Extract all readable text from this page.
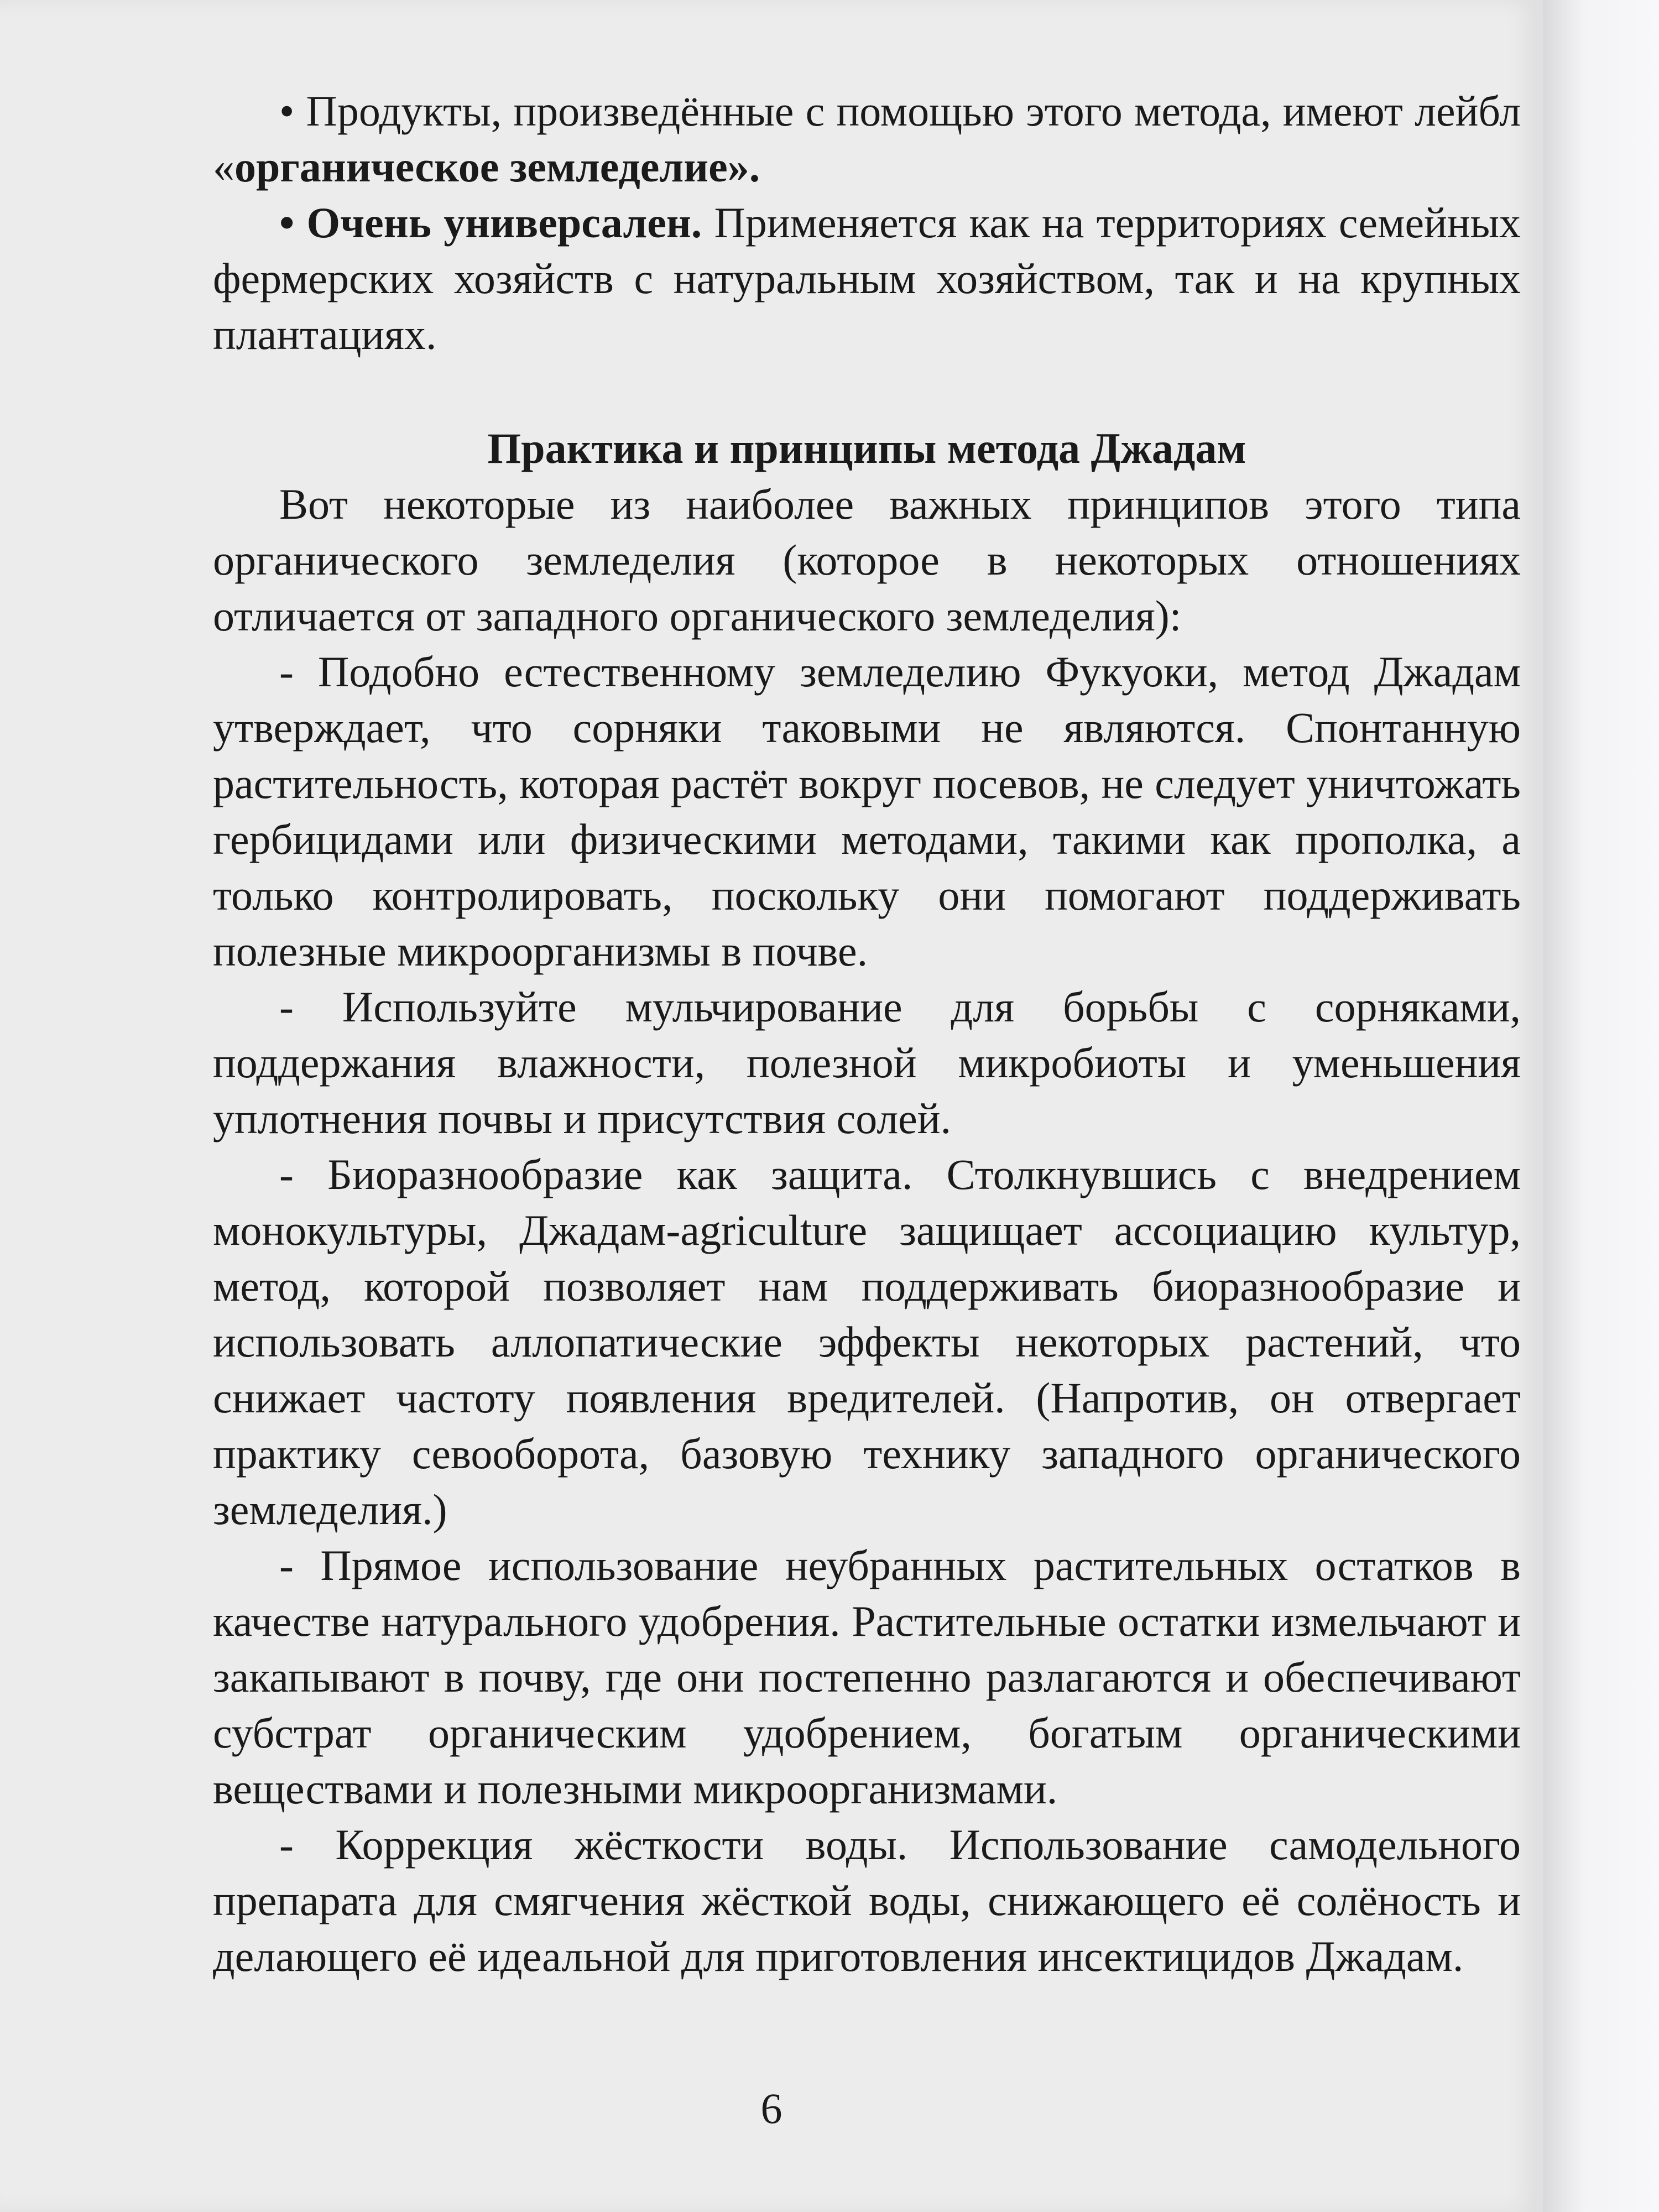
• Продукты, произведённые с помощью этого метода, имеют лейбл «органическое земледелие».

• Очень универсален. Применяется как на территориях семейных фермерских хозяйств с натуральным хозяйством, так и на крупных плантациях.

Практика и принципы метода Джадам

Вот некоторые из наиболее важных принципов этого типа органического земледелия (которое в некоторых отношениях отличается от западного органического земледелия):

- Подобно естественному земледелию Фукуоки, метод Джадам утверждает, что сорняки таковыми не являются. Спонтанную растительность, которая растёт вокруг посевов, не следует уничтожать гербицидами или физическими методами, такими как прополка, а только контролировать, поскольку они помогают поддерживать полезные микроорганизмы в почве.

- Используйте мульчирование для борьбы с сорняками, поддержания влажности, полезной микробиоты и уменьшения уплотнения почвы и присутствия солей.

- Биоразнообразие как защита. Столкнувшись с внедрением монокультуры, Джадам-agriculture защищает ассоциацию культур, метод, которой позволяет нам поддерживать биоразнообразие и использовать аллопатические эффекты некоторых растений, что снижает частоту появления вредителей. (Напротив, он отвергает практику севооборота, базовую технику западного органического земледелия.)

- Прямое использование неубранных растительных остатков в качестве натурального удобрения. Растительные остатки измельчают и закапывают в почву, где они постепенно разлагаются и обеспечивают субстрат органическим удобрением, богатым органическими веществами и полезными микроорганизмами.

- Коррекция жёсткости воды. Использование самодельного препарата для смягчения жёсткой воды, снижающего её солёность и делающего её идеальной для приготовления инсектицидов Джадам.

6
